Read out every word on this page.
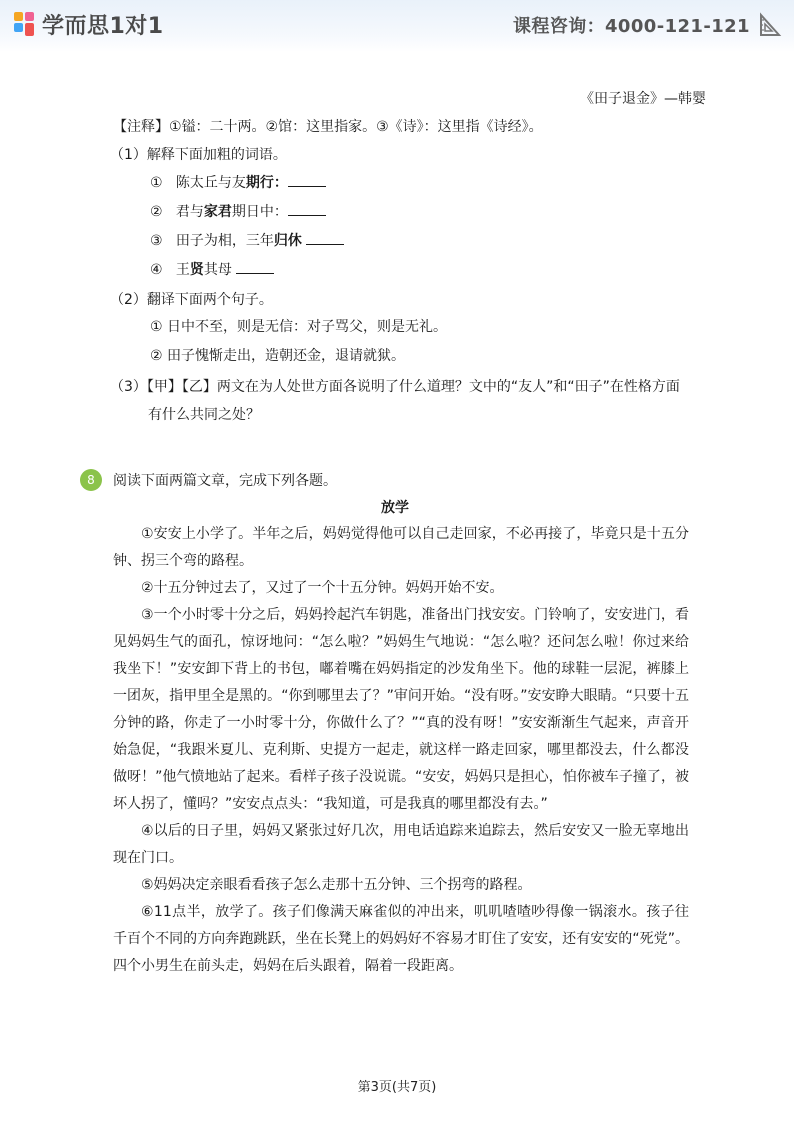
学而思1对1	课程咨询：4000-121-121
《田子退金》—韩婴
【注释】①镒：二十两。②馆：这里指家。③《诗》：这里指《诗经》。
（1）解释下面加粗的词语。
① 陈太丘与友期行：
② 君与家君期日中：
③ 田子为相，三年归休
④ 王贤其母
（2）翻译下面两个句子。
① 日中不至，则是无信：对子骂父，则是无礼。
② 田子愧惭走出，造朝还金，退请就狱。
（3）【甲】【乙】两文在为人处世方面各说明了什么道理？文中的“友人”和“田子”在性格方面
有什么共同之处？
8	阅读下面两篇文章，完成下列各题。
放学
①安安上小学了。半年之后，妈妈觉得他可以自己走回家，不必再接了，毕竟只是十五分钟、拐三个弯的路程。
②十五分钟过去了，又过了一个十五分钟。妈妈开始不安。
③一个小时零十分之后，妈妈拎起汽车钥匙，准备出门找安安。门铃响了，安安进门，看见妈妈生气的面孔，惊讶地问：“怎么啦？”妈妈生气地说：“怎么啦？还问怎么啦！你过来给我坐下！”安安卸下背上的书包，嘟着嘴在妈妈指定的沙发角坐下。他的球鞋一层泥，裤膝上一团灰，指甲里全是黑的。“你到哪里去了？”审问开始。“没有呀。”安安睁大眼睛。“只要十五分钟的路，你走了一小时零十分，你做什么了？”“真的没有呀！”安安渐渐生气起来，声音开始急促，“我跟米夏儿、克利斯、史提方一起走，就这样一路走回家，哪里都没去，什么都没做呀！”他气愤地站了起来。看样子孩子没说谎。“安安，妈妈只是担心，怕你被车子撞了，被坏人拐了，懂吗？”安安点点头：“我知道，可是我真的哪里都没有去。”
④以后的日子里，妈妈又紧张过好几次，用电话追踪来追踪去，然后安安又一脸无辜地出现在门口。
⑤妈妈决定亲眼看看孩子怎么走那十五分钟、三个拐弯的路程。
⑥11点半，放学了。孩子们像满天麻雀似的冲出来，叽叽喳喳吵得像一锅滚水。孩子往千百个不同的方向奔跑跳跃，坐在长凳上的妈妈好不容易才盯住了安安，还有安安的“死党”。四个小男生在前头走，妈妈在后头跟着，隔着一段距离。
第3页(共7页)
